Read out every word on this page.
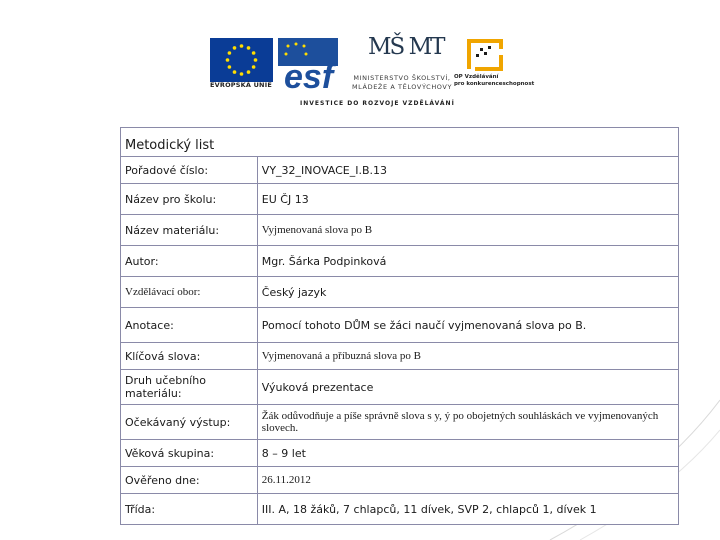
EVROPSKÁ UNIE esf
MŠ MT
MINISTERSTVO ŠKOLSTVÍ,
MLÁDEŽE A TĚLOVÝCHOVY
OP Vzdělávání
pro konkurenceschopnost
INVESTICE DO ROZVOJE VZDĚLÁVÁNÍ
Metodický list	
Pořadové číslo:	VY_32_INOVACE_I.B.13
Název pro školu:	EU ČJ 13
Název materiálu:	Vyjmenovaná slova po B
Autor:	Mgr. Šárka Podpinková
Vzdělávací obor:	Český jazyk
Anotace:	Pomocí tohoto DŮM se žáci naučí vyjmenovaná slova po B.
Klíčová slova:	Vyjmenovaná a příbuzná slova po B
Druh učebního materiálu:	Výuková prezentace
Očekávaný výstup:	Žák odůvodňuje a píše správně slova s y, ý po obojetných souhláskách ve vyjmenovaných slovech.
Věková skupina:	8 – 9 let
Ověřeno dne:	26.11.2012
Třída:	III. A, 18 žáků, 7 chlapců, 11 dívek, SVP 2, chlapců 1, dívek 1
